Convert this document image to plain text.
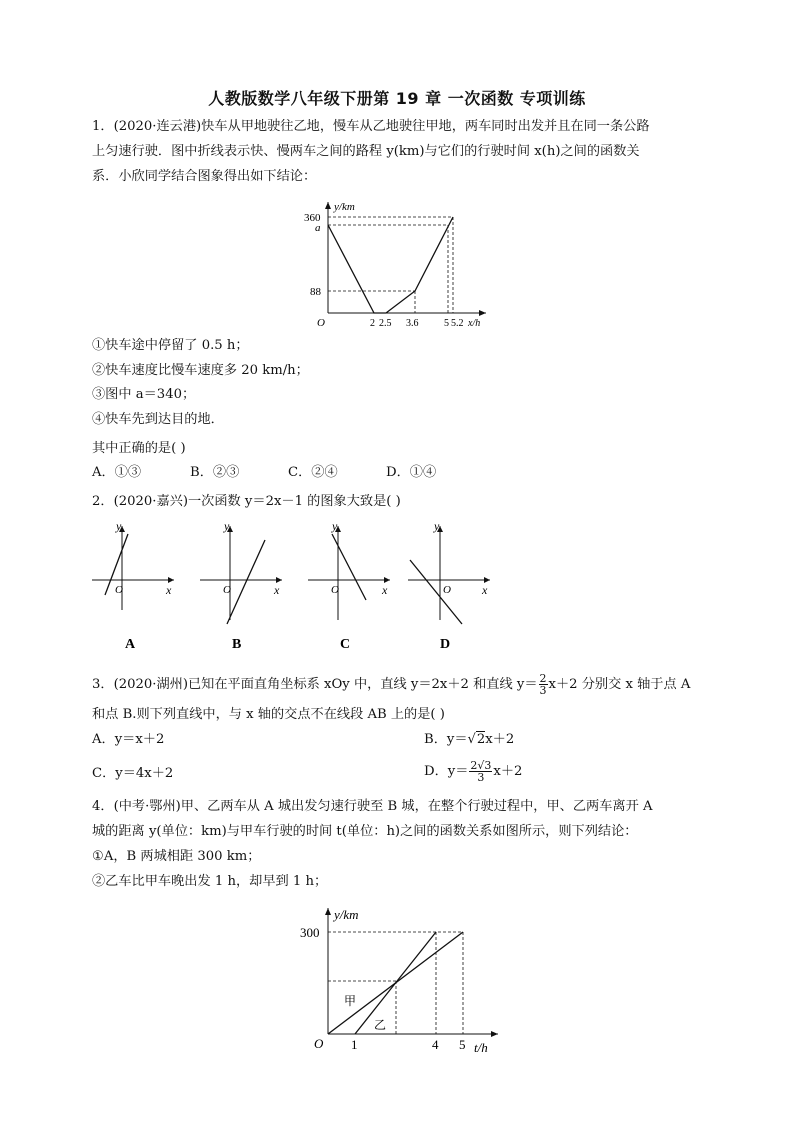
人教版数学八年级下册第 19 章 一次函数 专项训练
1．(2020·连云港)快车从甲地驶往乙地，慢车从乙地驶往甲地，两车同时出发并且在同一条公路
上匀速行驶．图中折线表示快、慢两车之间的路程 y(km)与它们的行驶时间 x(h)之间的函数关
系．小欣同学结合图象得出如下结论：
y/km
360
a
88
O	2 2.5 3.6	5 5.2 x/h
①快车途中停留了 0.5 h；
②快车速度比慢车速度多 20 km/h；
③图中 a＝340；
④快车先到达目的地．
其中正确的是( )
A．①③	B．②③	C．②④	D．①④
2．(2020·嘉兴)一次函数 y＝2x－1 的图象大致是( )
y
x
O
A
y
x
O
B
y
x
O
C
y
x
O
D
3．(2020·湖州)已知在平面直角坐标系 xOy 中，直线 y＝2x＋2 和直线 $y= \frac{2}{3} x+2$ 分别交 x 轴于点 A
和点 B.则下列直线中，与 x 轴的交点不在线段 AB 上的是( )
A．y＝x＋2	B．y＝√2x＋2
C．y＝4x＋2	D．$y= \frac{2√3}{3} x+2$
4．(中考·鄂州)甲、乙两车从 A 城出发匀速行驶至 B 城，在整个行驶过程中，甲、乙两车离开 A
城的距离 y(单位：km)与甲车行驶的时间 t(单位：h)之间的函数关系如图所示，则下列结论：
①A，B 两城相距 300 km；
②乙车比甲车晚出发 1 h，却早到 1 h；
y/km
300
甲
乙
O 1	4 5 t/h
